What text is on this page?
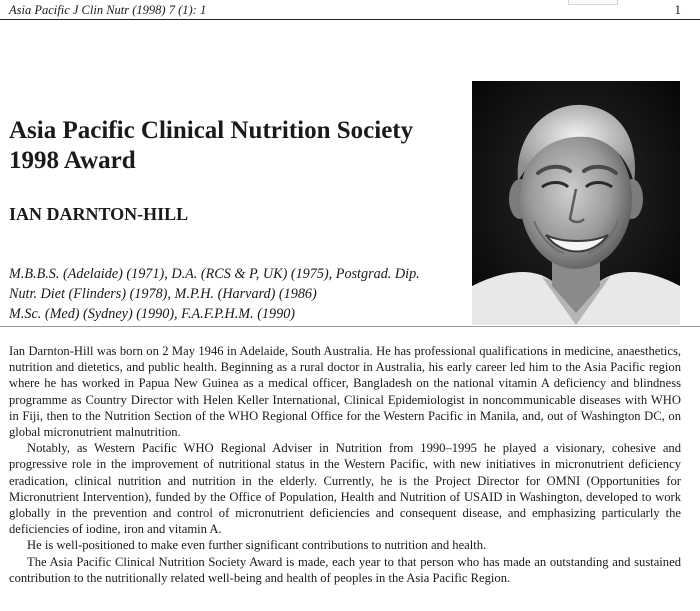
Asia Pacific J Clin Nutr (1998) 7 (1): 1	1
Asia Pacific Clinical Nutrition Society
1998 Award
IAN DARNTON-HILL
M.B.B.S. (Adelaide) (1971), D.A. (RCS & P, UK) (1975), Postgrad. Dip.
Nutr. Diet (Flinders) (1978), M.P.H. (Harvard) (1986)
M.Sc. (Med) (Sydney) (1990), F.A.F.P.H.M. (1990)

Ian Darnton-Hill was born on 2 May 1946 in Adelaide, South Australia. He has professional qualifications in medicine, anaesthetics, nutrition and dietetics, and public health. Beginning as a rural doctor in Australia, his early career led him to the Asia Pacific region where he has worked in Papua New Guinea as a medical officer, Bangladesh on the national vitamin A deficiency and blindness programme as Country Director with Helen Keller International, Clinical Epidemiologist in noncommunicable diseases with WHO in Fiji, then to the Nutrition Section of the WHO Regional Office for the Western Pacific in Manila, and, out of Washington DC, on global micronutrient malnutrition.

Notably, as Western Pacific WHO Regional Adviser in Nutrition from 1990–1995 he played a visionary, cohesive and progressive role in the improvement of nutritional status in the Western Pacific, with new initiatives in micronutrient deficiency eradication, clinical nutrition and nutrition in the elderly. Currently, he is the Project Director for OMNI (Opportunities for Micronutrient Intervention), funded by the Office of Population, Health and Nutrition of USAID in Washington, developed to work globally in the prevention and control of micronutrient deficiencies and consequent disease, and emphasizing particularly the deficiencies of iodine, iron and vitamin A.

He is well-positioned to make even further significant contributions to nutrition and health.

The Asia Pacific Clinical Nutrition Society Award is made, each year to that person who has made an outstanding and sustained contribution to the nutritionally related well-being and health of peoples in the Asia Pacific Region.
